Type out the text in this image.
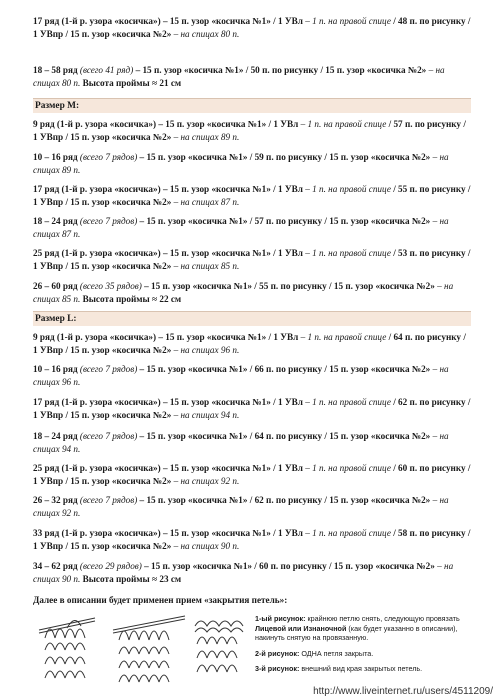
17 ряд (1-й р. узора «косичка») – 15 п. узор «косичка №1» / 1 УВл – 1 п. на правой спице / 48 п. по рисунку / 1 УВпр / 15 п. узор «косичка №2» – на спицах 80 п.

18 – 58 ряд (всего 41 ряд) – 15 п. узор «косичка №1» / 50 п. по рисунку / 15 п. узор «косичка №2» – на спицах 80 п. Высота проймы ≈ 21 см

Размер М:

9 ряд (1-й р. узора «косичка») – 15 п. узор «косичка №1» / 1 УВл – 1 п. на правой спице / 57 п. по рисунку / 1 УВпр / 15 п. узор «косичка №2» – на спицах 89 п.

10 – 16 ряд (всего 7 рядов) – 15 п. узор «косичка №1» / 59 п. по рисунку / 15 п. узор «косичка №2» – на спицах 89 п.

17 ряд (1-й р. узора «косичка») – 15 п. узор «косичка №1» / 1 УВл – 1 п. на правой спице / 55 п. по рисунку / 1 УВпр / 15 п. узор «косичка №2» – на спицах 87 п.

18 – 24 ряд (всего 7 рядов) – 15 п. узор «косичка №1» / 57 п. по рисунку / 15 п. узор «косичка №2» – на спицах 87 п.

25 ряд (1-й р. узора «косичка») – 15 п. узор «косичка №1» / 1 УВл – 1 п. на правой спице / 53 п. по рисунку / 1 УВпр / 15 п. узор «косичка №2» – на спицах 85 п.

26 – 60 ряд (всего 35 рядов) – 15 п. узор «косичка №1» / 55 п. по рисунку / 15 п. узор «косичка №2» – на спицах 85 п. Высота проймы ≈ 22 см

Размер L:

9 ряд (1-й р. узора «косичка») – 15 п. узор «косичка №1» / 1 УВл – 1 п. на правой спице / 64 п. по рисунку / 1 УВпр / 15 п. узор «косичка №2» – на спицах 96 п.

10 – 16 ряд (всего 7 рядов) – 15 п. узор «косичка №1» / 66 п. по рисунку / 15 п. узор «косичка №2» – на спицах 96 п.

17 ряд (1-й р. узора «косичка») – 15 п. узор «косичка №1» / 1 УВл – 1 п. на правой спице / 62 п. по рисунку / 1 УВпр / 15 п. узор «косичка №2» – на спицах 94 п.

18 – 24 ряд (всего 7 рядов) – 15 п. узор «косичка №1» / 64 п. по рисунку / 15 п. узор «косичка №2» – на спицах 94 п.

25 ряд (1-й р. узора «косичка») – 15 п. узор «косичка №1» / 1 УВл – 1 п. на правой спице / 60 п. по рисунку / 1 УВпр / 15 п. узор «косичка №2» – на спицах 92 п.

26 – 32 ряд (всего 7 рядов) – 15 п. узор «косичка №1» / 62 п. по рисунку / 15 п. узор «косичка №2» – на спицах 92 п.

33 ряд (1-й р. узора «косичка») – 15 п. узор «косичка №1» / 1 УВл – 1 п. на правой спице / 58 п. по рисунку / 1 УВпр / 15 п. узор «косичка №2» – на спицах 90 п.

34 – 62 ряд (всего 29 рядов) – 15 п. узор «косичка №1» / 60 п. по рисунку / 15 п. узор «косичка №2» – на спицах 90 п. Высота проймы ≈ 23 см

Далее в описании будет применен прием «закрытия петель»:

1-ый рисунок: крайнюю петлю снять, следующую провязать Лицевой или Изнаночной (как будет указанно в описании), накинуть снятую на провязанную.

2-й рисунок: ОДНА петля закрыта.

3-й рисунок: внешний вид края закрытых петель.

http://www.liveinternet.ru/users/4511209/
